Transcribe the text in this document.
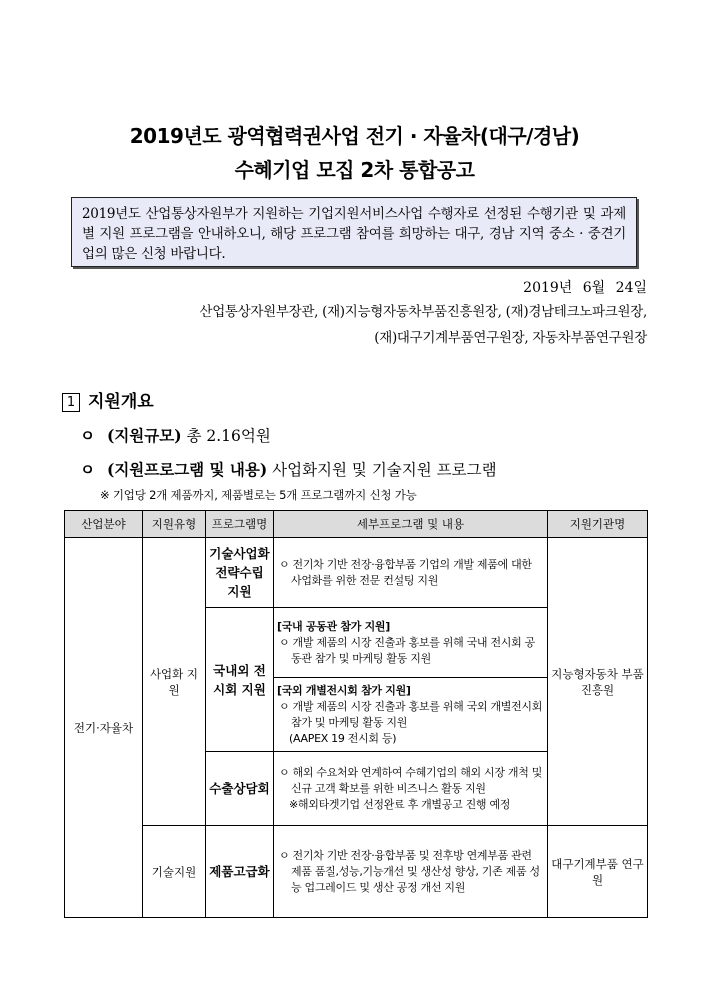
2019년도 광역협력권사업 전기 · 자율차(대구/경남)
수혜기업 모집 2차 통합공고
2019년도 산업통상자원부가 지원하는 기업지원서비스사업 수행자로 선정된 수행기관 및 과제별 지원 프로그램을 안내하오니, 해당 프로그램 참여를 희망하는 대구, 경남 지역 중소 · 중견기업의 많은 신청 바랍니다.
2019년 6월 24일
산업통상자원부장관, (재)지능형자동차부품진흥원장, (재)경남테크노파크원장,
(재)대구기계부품연구원장, 자동차부품연구원장
1 지원개요
ㅇ (지원규모) 총 2.16억원
ㅇ (지원프로그램 및 내용) 사업화지원 및 기술지원 프로그램
※ 기업당 2개 제품까지, 제품별로는 5개 프로그램까지 신청 가능
산업분야	지원유형	프로그램명	세부프로그램 및 내용	지원기관명
전기·자율차	사업화 지원	기술사업화 전략수립 지원	ㅇ 전기차 기반 전장·융합부품 기업의 개발 제품에 대한 사업화를 위한 전문 컨설팅 지원	지능형자동차 부품진흥원
		국내외 전시회 지원	[국내 공동관 참가 지원]
ㅇ 개발 제품의 시장 진출과 홍보를 위해 국내 전시회 공동관 참가 및 마케팅 활동 지원	

			[국외 개별전시회 참가 지원]
ㅇ 개발 제품의 시장 진출과 홍보를 위해 국외 개별전시회 참가 및 마케팅 활동 지원
(AAPEX 19 전시회 등)	

		수출상담회	ㅇ 해외 수요처와 연계하여 수혜기업의 해외 시장 개척 및 신규 고객 확보를 위한 비즈니스 활동 지원
※해외타겟기업 선정완료 후 개별공고 진행 예정	

	기술지원	제품고급화	ㅇ 전기차 기반 전장·융합부품 및 전후방 연계부품 관련 제품 품질,성능,기능개선 및 생산성 향상, 기존 제품 성능 업그레이드 및 생산 공정 개선 지원	대구기계부품 연구원
